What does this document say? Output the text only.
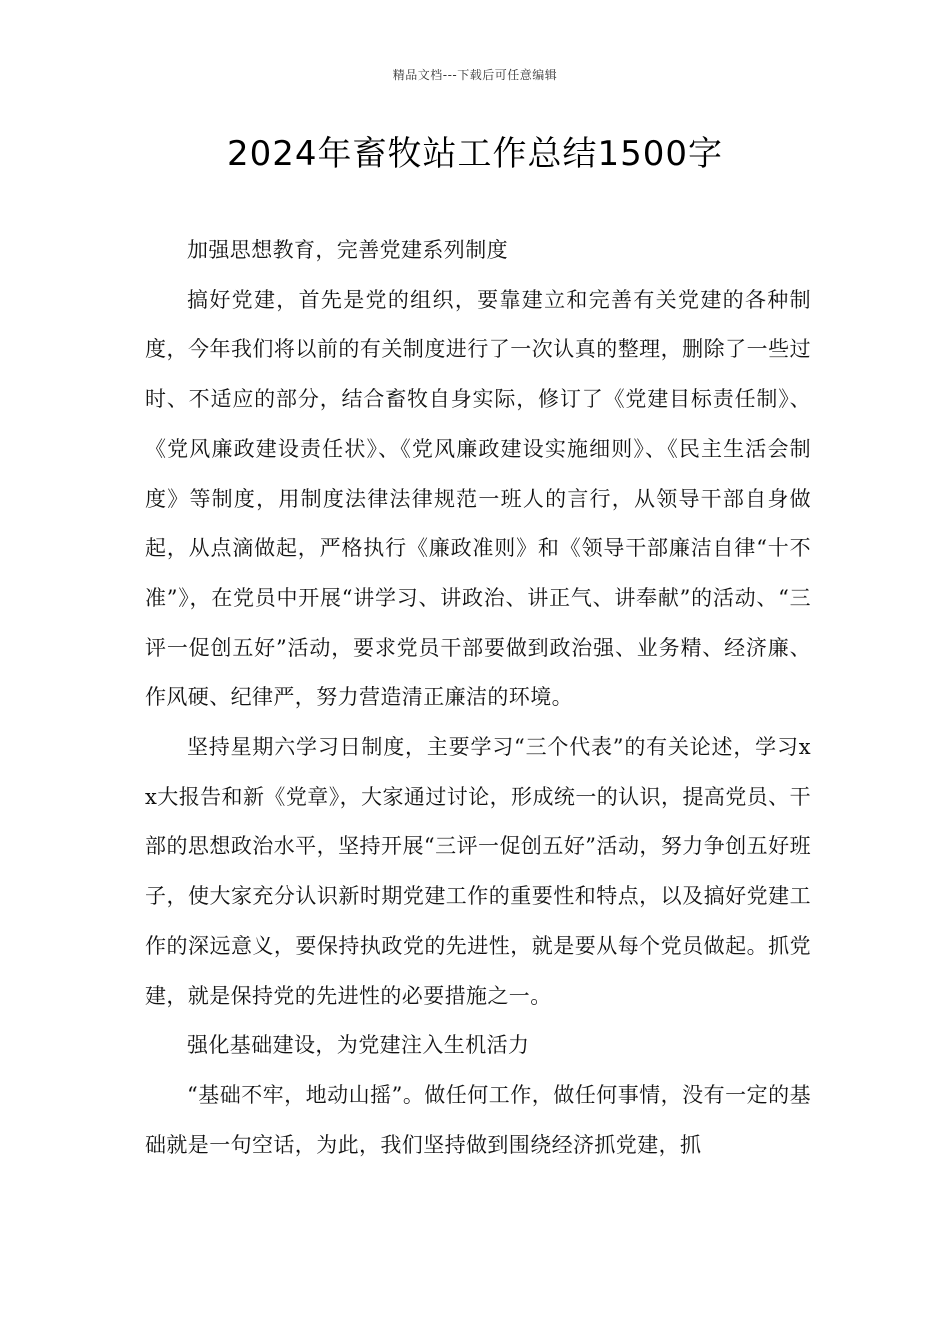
精品文档---下载后可任意编辑
2024年畜牧站工作总结1500字

加强思想教育，完善党建系列制度

搞好党建，首先是党的组织，要靠建立和完善有关党建的各种制度，今年我们将以前的有关制度进行了一次认真的整理，删除了一些过时、不适应的部分，结合畜牧自身实际，修订了《党建目标责任制》、《党风廉政建设责任状》、《党风廉政建设实施细则》、《民主生活会制度》等制度，用制度法律法律规范一班人的言行，从领导干部自身做起，从点滴做起，严格执行《廉政准则》和《领导干部廉洁自律“十不准”》，在党员中开展“讲学习、讲政治、讲正气、讲奉献”的活动、“三评一促创五好”活动，要求党员干部要做到政治强、业务精、经济廉、作风硬、纪律严，努力营造清正廉洁的环境。

坚持星期六学习日制度，主要学习“三个代表”的有关论述，学习xx大报告和新《党章》，大家通过讨论，形成统一的认识，提高党员、干部的思想政治水平，坚持开展“三评一促创五好”活动，努力争创五好班子，使大家充分认识新时期党建工作的重要性和特点，以及搞好党建工作的深远意义，要保持执政党的先进性，就是要从每个党员做起。抓党建，就是保持党的先进性的必要措施之一。

强化基础建设，为党建注入生机活力

“基础不牢，地动山摇”。做任何工作，做任何事情，没有一定的基础就是一句空话，为此，我们坚持做到围绕经济抓党建，抓
